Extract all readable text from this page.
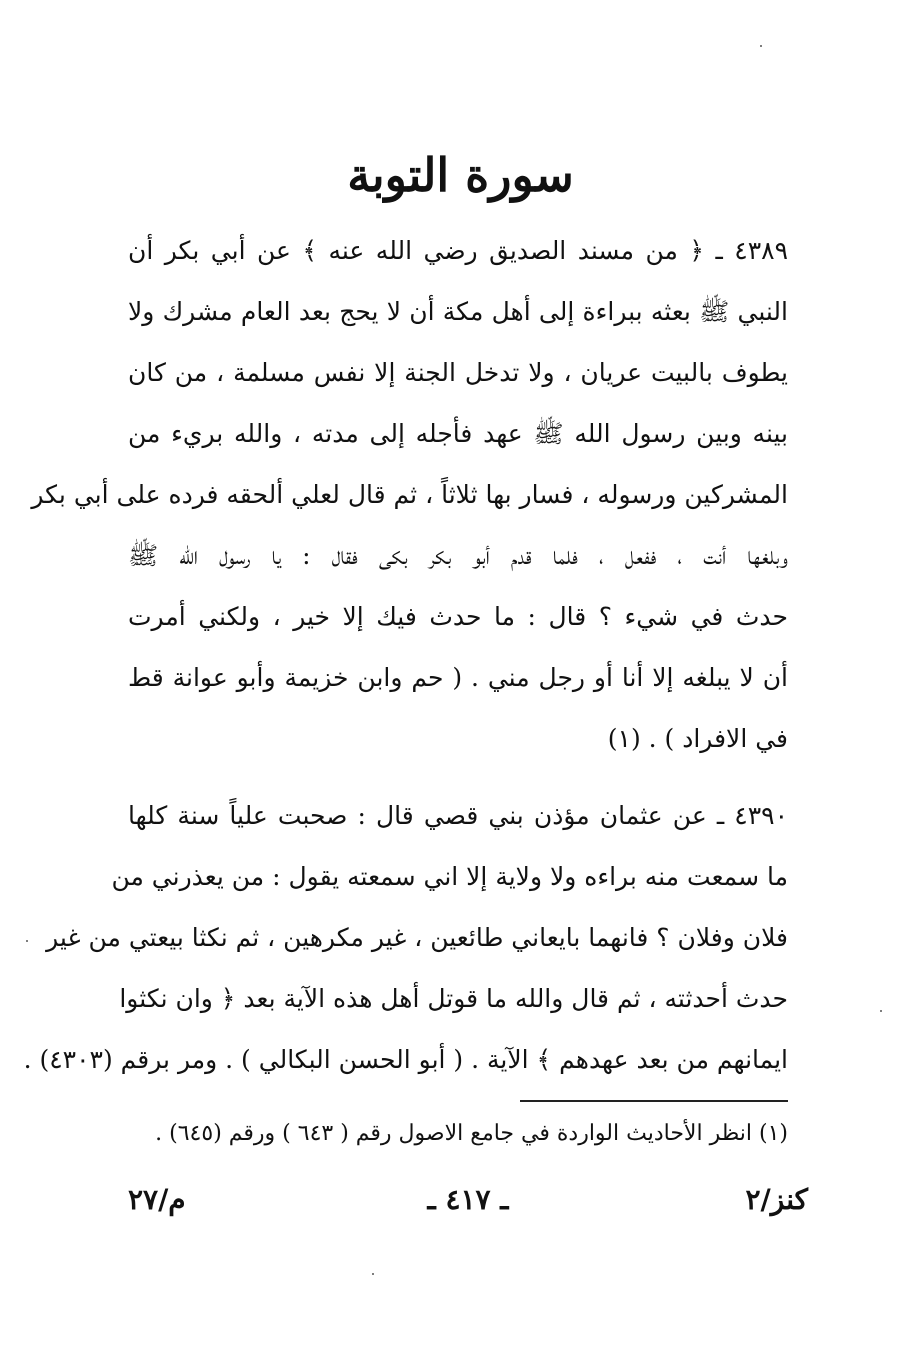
سورة التوبة
٤٣٨٩ ـ ﴿ من مسند الصديق رضي الله عنه ﴾ عن أبي بكر أن
النبي ﷺ بعثه ببراءة إلى أهل مكة أن لا يحج بعد العام مشرك ولا
يطوف بالبيت عريان ، ولا تدخل الجنة إلا نفس مسلمة ، من كان
بينه وبين رسول الله ﷺ عهد فأجله إلى مدته ، والله بريء من
المشركين ورسوله ، فسار بها ثلاثاً ، ثم قال لعلي ألحقه فرده على أبي بكر
وبلغها أنت ، ففعل ، فلما قدم أبو بكر بكى فقال : يا رسول الله ﷺ
حدث في شيء ؟ قال : ما حدث فيك إلا خير ، ولكني أمرت
أن لا يبلغه إلا أنا أو رجل مني . ( حم وابن خزيمة وأبو عوانة قط
في الافراد ) . (١)
٤٣٩٠ ـ عن عثمان مؤذن بني قصي قال : صحبت علياً سنة كلها
ما سمعت منه براءه ولا ولاية إلا اني سمعته يقول : من يعذرني من
فلان وفلان ؟ فانهما بايعاني طائعين ، غير مكرهين ، ثم نكثا بيعتي من غير
حدث أحدثته ، ثم قال والله ما قوتل أهل هذه الآية بعد ﴿ وان نكثوا
ايمانهم من بعد عهدهم ﴾ الآية . ( أبو الحسن البكالي ) . ومر برقم (٤٣٠٣) .
(١) انظر الأحاديث الواردة في جامع الاصول رقم ( ٦٤٣ ) ورقم (٦٤٥) .
كنز/٢
ـ ٤١٧ ـ
م/٢٧
